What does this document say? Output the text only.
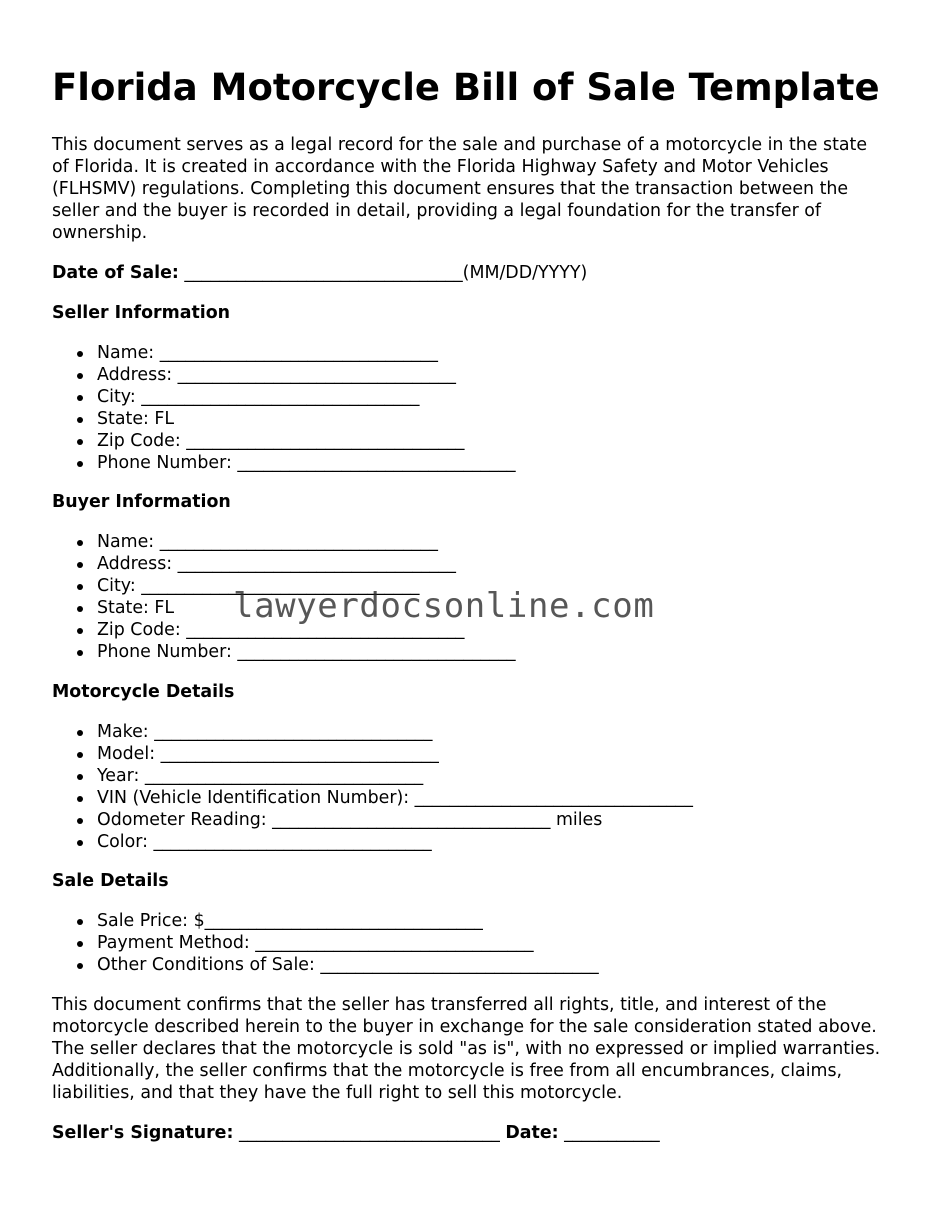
Florida Motorcycle Bill of Sale Template

This document serves as a legal record for the sale and purchase of a motorcycle in the state of Florida. It is created in accordance with the Florida Highway Safety and Motor Vehicles (FLHSMV) regulations. Completing this document ensures that the transaction between the seller and the buyer is recorded in detail, providing a legal foundation for the transfer of ownership.

Date of Sale: ________________________________(MM/DD/YYYY)

Seller Information

Name: ________________________________
Address: ________________________________
City: ________________________________
State: FL
Zip Code: ________________________________
Phone Number: ________________________________

Buyer Information

Name: ________________________________
Address: ________________________________
City: ________________________________
State: FL
Zip Code: ________________________________
Phone Number: ________________________________

Motorcycle Details

Make: ________________________________
Model: ________________________________
Year: ________________________________
VIN (Vehicle Identification Number): ________________________________
Odometer Reading: ________________________________ miles
Color: ________________________________

Sale Details

Sale Price: $________________________________
Payment Method: ________________________________
Other Conditions of Sale: ________________________________

This document confirms that the seller has transferred all rights, title, and interest of the motorcycle described herein to the buyer in exchange for the sale consideration stated above. The seller declares that the motorcycle is sold "as is", with no expressed or implied warranties. Additionally, the seller confirms that the motorcycle is free from all encumbrances, claims, liabilities, and that they have the full right to sell this motorcycle.

Seller's Signature: ______________________________ Date: ___________

lawyerdocsonline.com
